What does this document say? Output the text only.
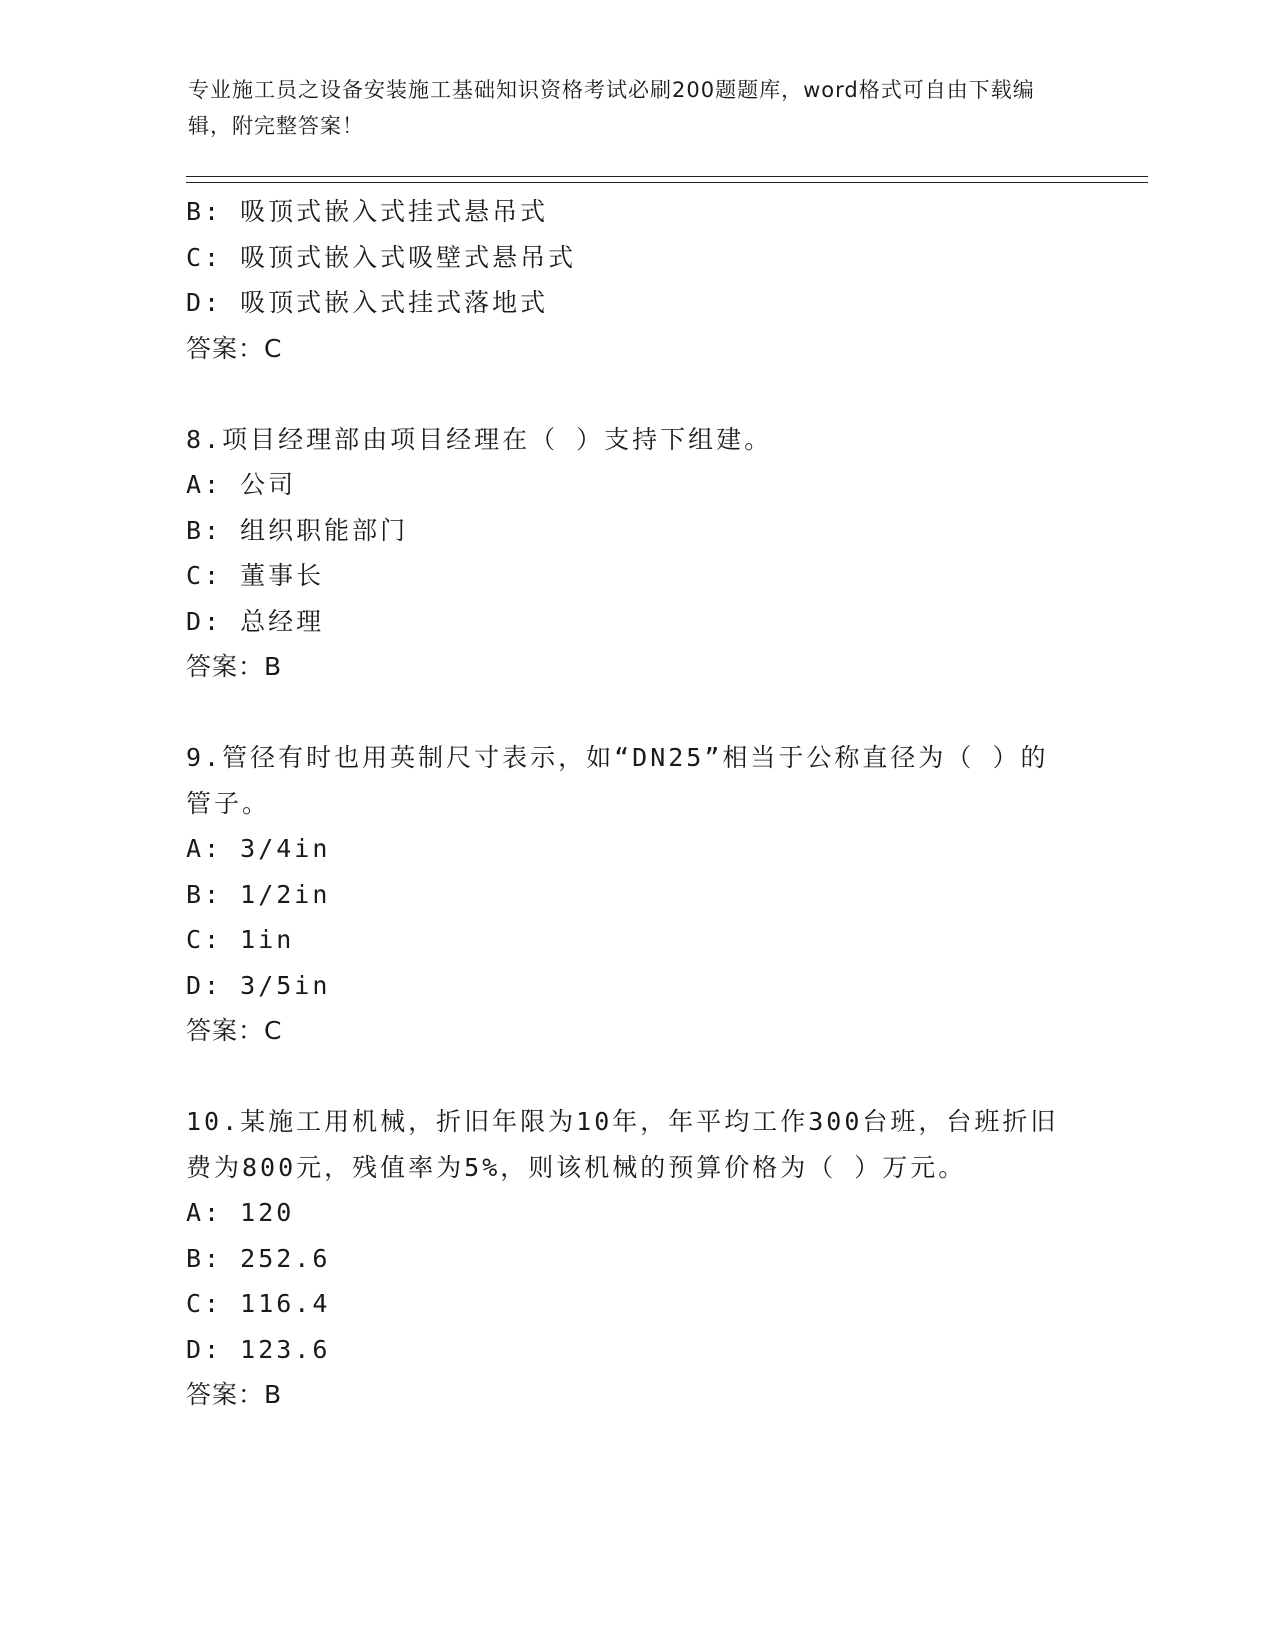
专业施工员之设备安装施工基础知识资格考试必刷200题题库，word格式可自由下载编辑，附完整答案！
B: 吸顶式嵌入式挂式悬吊式
C: 吸顶式嵌入式吸壁式悬吊式
D: 吸顶式嵌入式挂式落地式
答案：C
8.项目经理部由项目经理在（ ）支持下组建。
A: 公司
B: 组织职能部门
C: 董事长
D: 总经理
答案：B
9.管径有时也用英制尺寸表示，如“DN25”相当于公称直径为（ ）的管子。
A: 3/4in
B: 1/2in
C: 1in
D: 3/5in
答案：C
10.某施工用机械，折旧年限为10年，年平均工作300台班，台班折旧费为800元，残值率为5%，则该机械的预算价格为（ ）万元。
A: 120
B: 252.6
C: 116.4
D: 123.6
答案：B
